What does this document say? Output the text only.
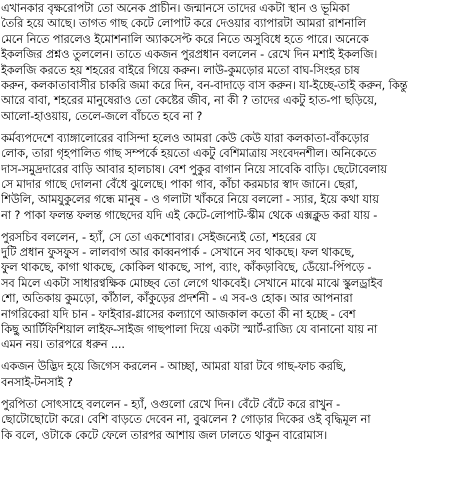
এখানকার বৃক্ষরোপটা তো অনেক প্রাচীন। জন্মানসে তাদের একটা স্থান ও ভূমিকা
তৈরি হয়ে আছে। তাগত গাছ কেটে লোপাট করে দেওয়ার ব্যাপারটা আমরা রাশনালি
মেনে নিতে পারলেও ইমোশনালি অ্যাকসেপ্ট করে নিতে অসুবিধে হতে পারে। অনেকে
ইকলজির প্রশ্নও তুললেন। তাতে একজন পুরপ্রধান বললেন - রেখে দিন মশাই ইকলজি।
ইকলজি করতে হয় শহরের বাইরে গিয়ে করুন। লাউ-কুমড়োর মতো বাঘ-সিংহর চাষ
করুন, কলকাতাবাসীর চাকরি জমা করে দিন, বন-বাদাড়ে বাস করুন। যা-ইচ্ছে-তাই করুন, কিন্তু
আরে বাবা, শহরের মানুষেরাও তো কেষ্টের জীব, না কী ? তাদের একটু হাত-পা ছড়িয়ে,
আলো-হাওয়ায়, তেলে-জলে বাঁচতে হবে না ?
কর্মব্যপদেশে ব্যাঙ্গালোরের বাসিন্দা হলেও আমরা কেউ কেউ যারা কলকাতা-বাঁকড়োর
লোক, তারা গৃহপালিত গাছ সম্পর্কে হয়তো একটু বেশিমাত্রায় সংবেদনশীল। অনিকেতে
দাস-সমুদ্রদারের বাড়ি আবার হালচাষ। বেশ পুকুর বাগান নিয়ে সাবেকি বাড়ি। ছেটোবেলায়
সে মাদার গাছে দোলনা বেঁধে ঝুলেছে। পাকা গাব, কাঁচা করমচার স্বাদ জানে। ছেরা,
শিউলি, আমযুকুলের গন্ধে মানুষ - ও গলাটা খাঁকরে নিয়ে বললো - স্যার, ইয়ে কথা যায়
না ? পাকা ফলন্ত ফলন্ত গাছেদের যদি এই কেটে-লোপাট-স্কীম থেকে এক্সক্লুড করা যায় -
পুরসচিব বললেন, - হ্যাঁ, সে তো একশোবার। সেইজন্যেই তো, শহরের যে
দুটি প্রধান ফুসফুস - লালবাগ আর কাব্বনপার্ক - সেখানে সব থাকছে। ফল থাকছে,
ফুল থাকছে, কাগা থাকছে, কোকিল থাকছে, সাপ, ব্যাং, কাঁকড়াবিছে, ডেঁয়ো-পিঁপড়ে -
সব মিলে একটা সাধারণ্বক্ষিক মোচ্ছব তো লেগে থাকবেই। সেখানে মাঝে মাঝে স্কুলড্রাইব
শো, অতিকায় কুমড়ো, কাঁঠাল, কাঁকুড়ের প্রদর্শনী - এ সব-ও হোক। আর আপনারা
নাগরিকেরা যদি চান - ফাইবার-গ্লাসের কল্যাণে আজকাল কতো কী না হচ্ছে - বেশ
কিছু আর্টিফিশিয়াল লাইফ-সাইজ গাছপালা দিয়ে একটা স্মার্ট-রাজ্যি যে বানানো যায় না
এমন নয়। তারপরে ধরুন ....
একজন উদ্ভিদ হয়ে জিগেস করলেন - আচ্ছা, আমরা যারা টবে গাছ-ফাচ করছি,
বনসাই-টনসাই ?
পুরপিতা সোৎসাহে বললেন - হ্যাঁ, ওগুলো রেখে দিন। বেঁটে বেঁটে করে রাখুন -
ছোটোছোটো করে। বেশি বাড়তে দেবেন না, বুঝলেন ? গোড়ার দিকের ওই বৃদ্ধিমূল না
কি বলে, ওটাকে কেটে ফেলে তারপর আশায় জল ঢালতে থাকুন বারোমাস।
